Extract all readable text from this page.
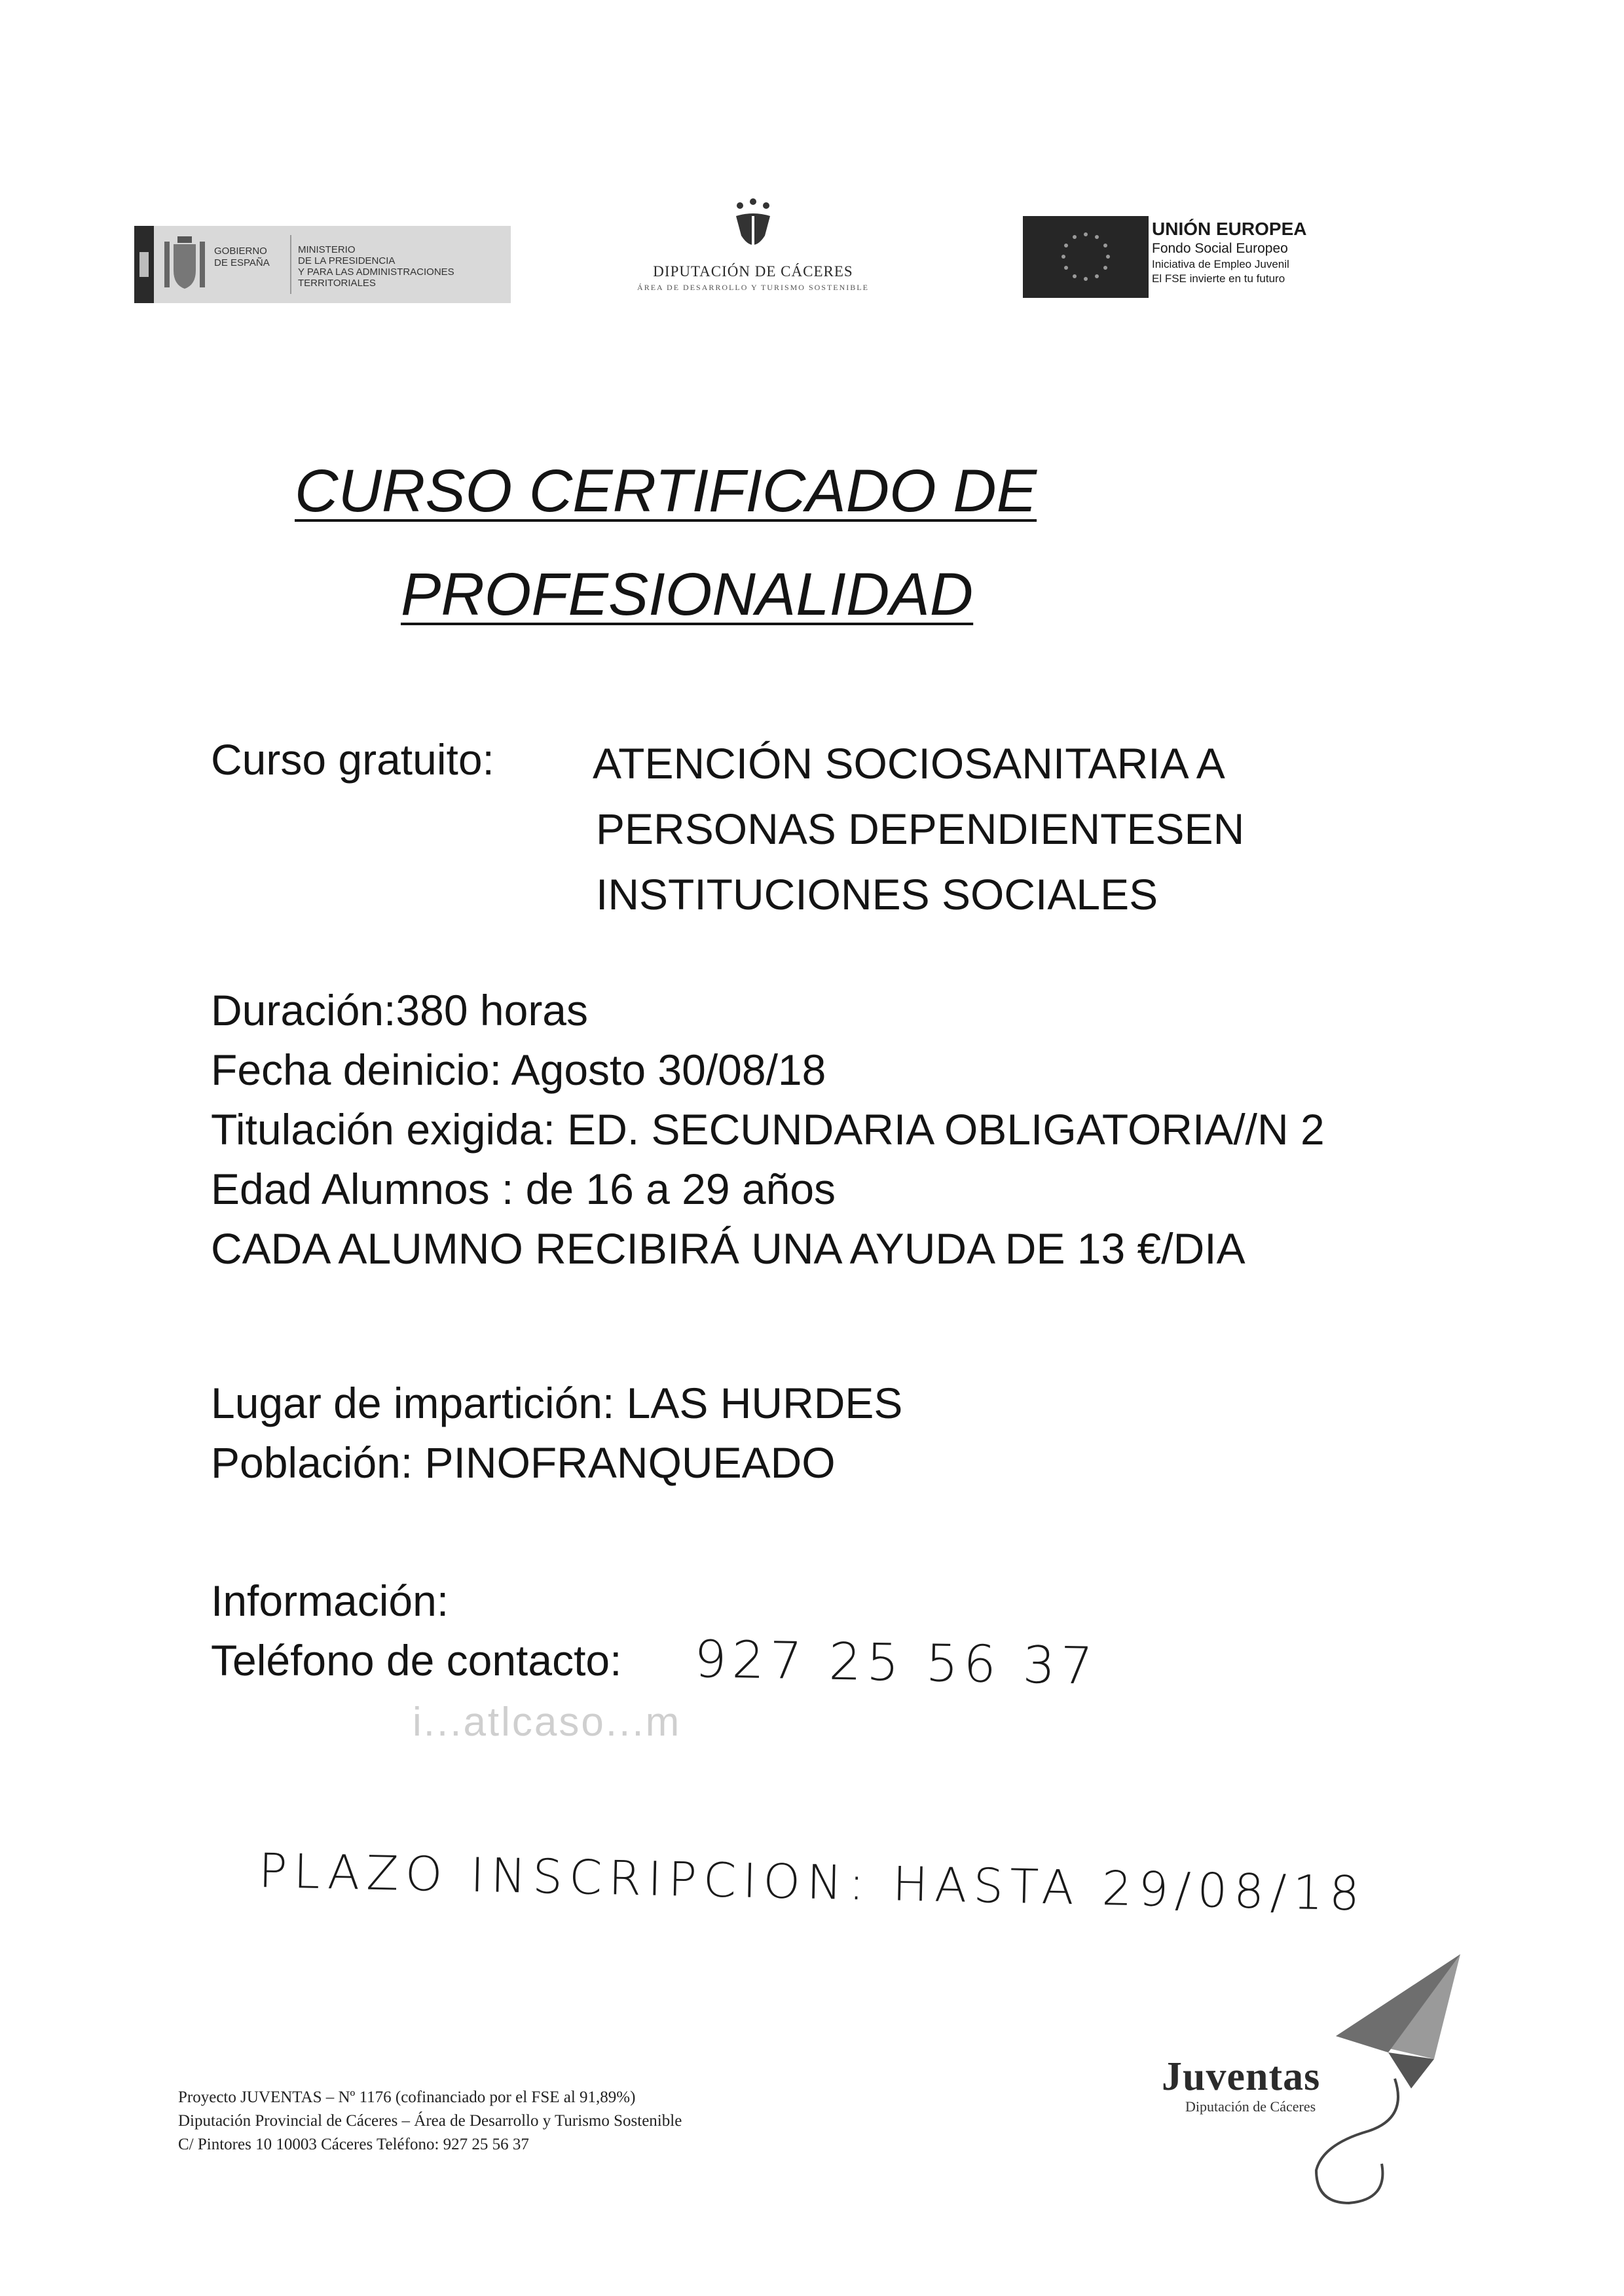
GOBIERNO
DE ESPAÑA
MINISTERIO
DE LA PRESIDENCIA
Y PARA LAS ADMINISTRACIONES TERRITORIALES
DIPUTACIÓN DE CÁCERES
ÁREA DE DESARROLLO Y TURISMO SOSTENIBLE
UNIÓN EUROPEA
Fondo Social Europeo
Iniciativa de Empleo Juvenil
El FSE invierte en tu futuro
CURSO CERTIFICADO DE
PROFESIONALIDAD
Curso gratuito: ATENCIÓN SOCIOSANITARIA A
PERSONAS DEPENDIENTESEN
INSTITUCIONES SOCIALES
Duración:380 horas
Fecha deinicio: Agosto 30/08/18
Titulación exigida: ED. SECUNDARIA OBLIGATORIA//N 2
Edad Alumnos : de 16 a 29 años
CADA ALUMNO RECIBIRÁ UNA AYUDA DE 13 €/DIA
Lugar de impartición: LAS HURDES
Población: PINOFRANQUEADO
Información:
Teléfono de contacto: 927 25 56 37
i...atlcaso...m
PLAZO INSCRIPCION: HASTA 29/08/18
Proyecto JUVENTAS – Nº 1176 (cofinanciado por el FSE al 91,89%)
Diputación Provincial de Cáceres – Área de Desarrollo y Turismo Sostenible
C/ Pintores 10 10003 Cáceres Teléfono: 927 25 56 37
Juventas
Diputación de Cáceres
